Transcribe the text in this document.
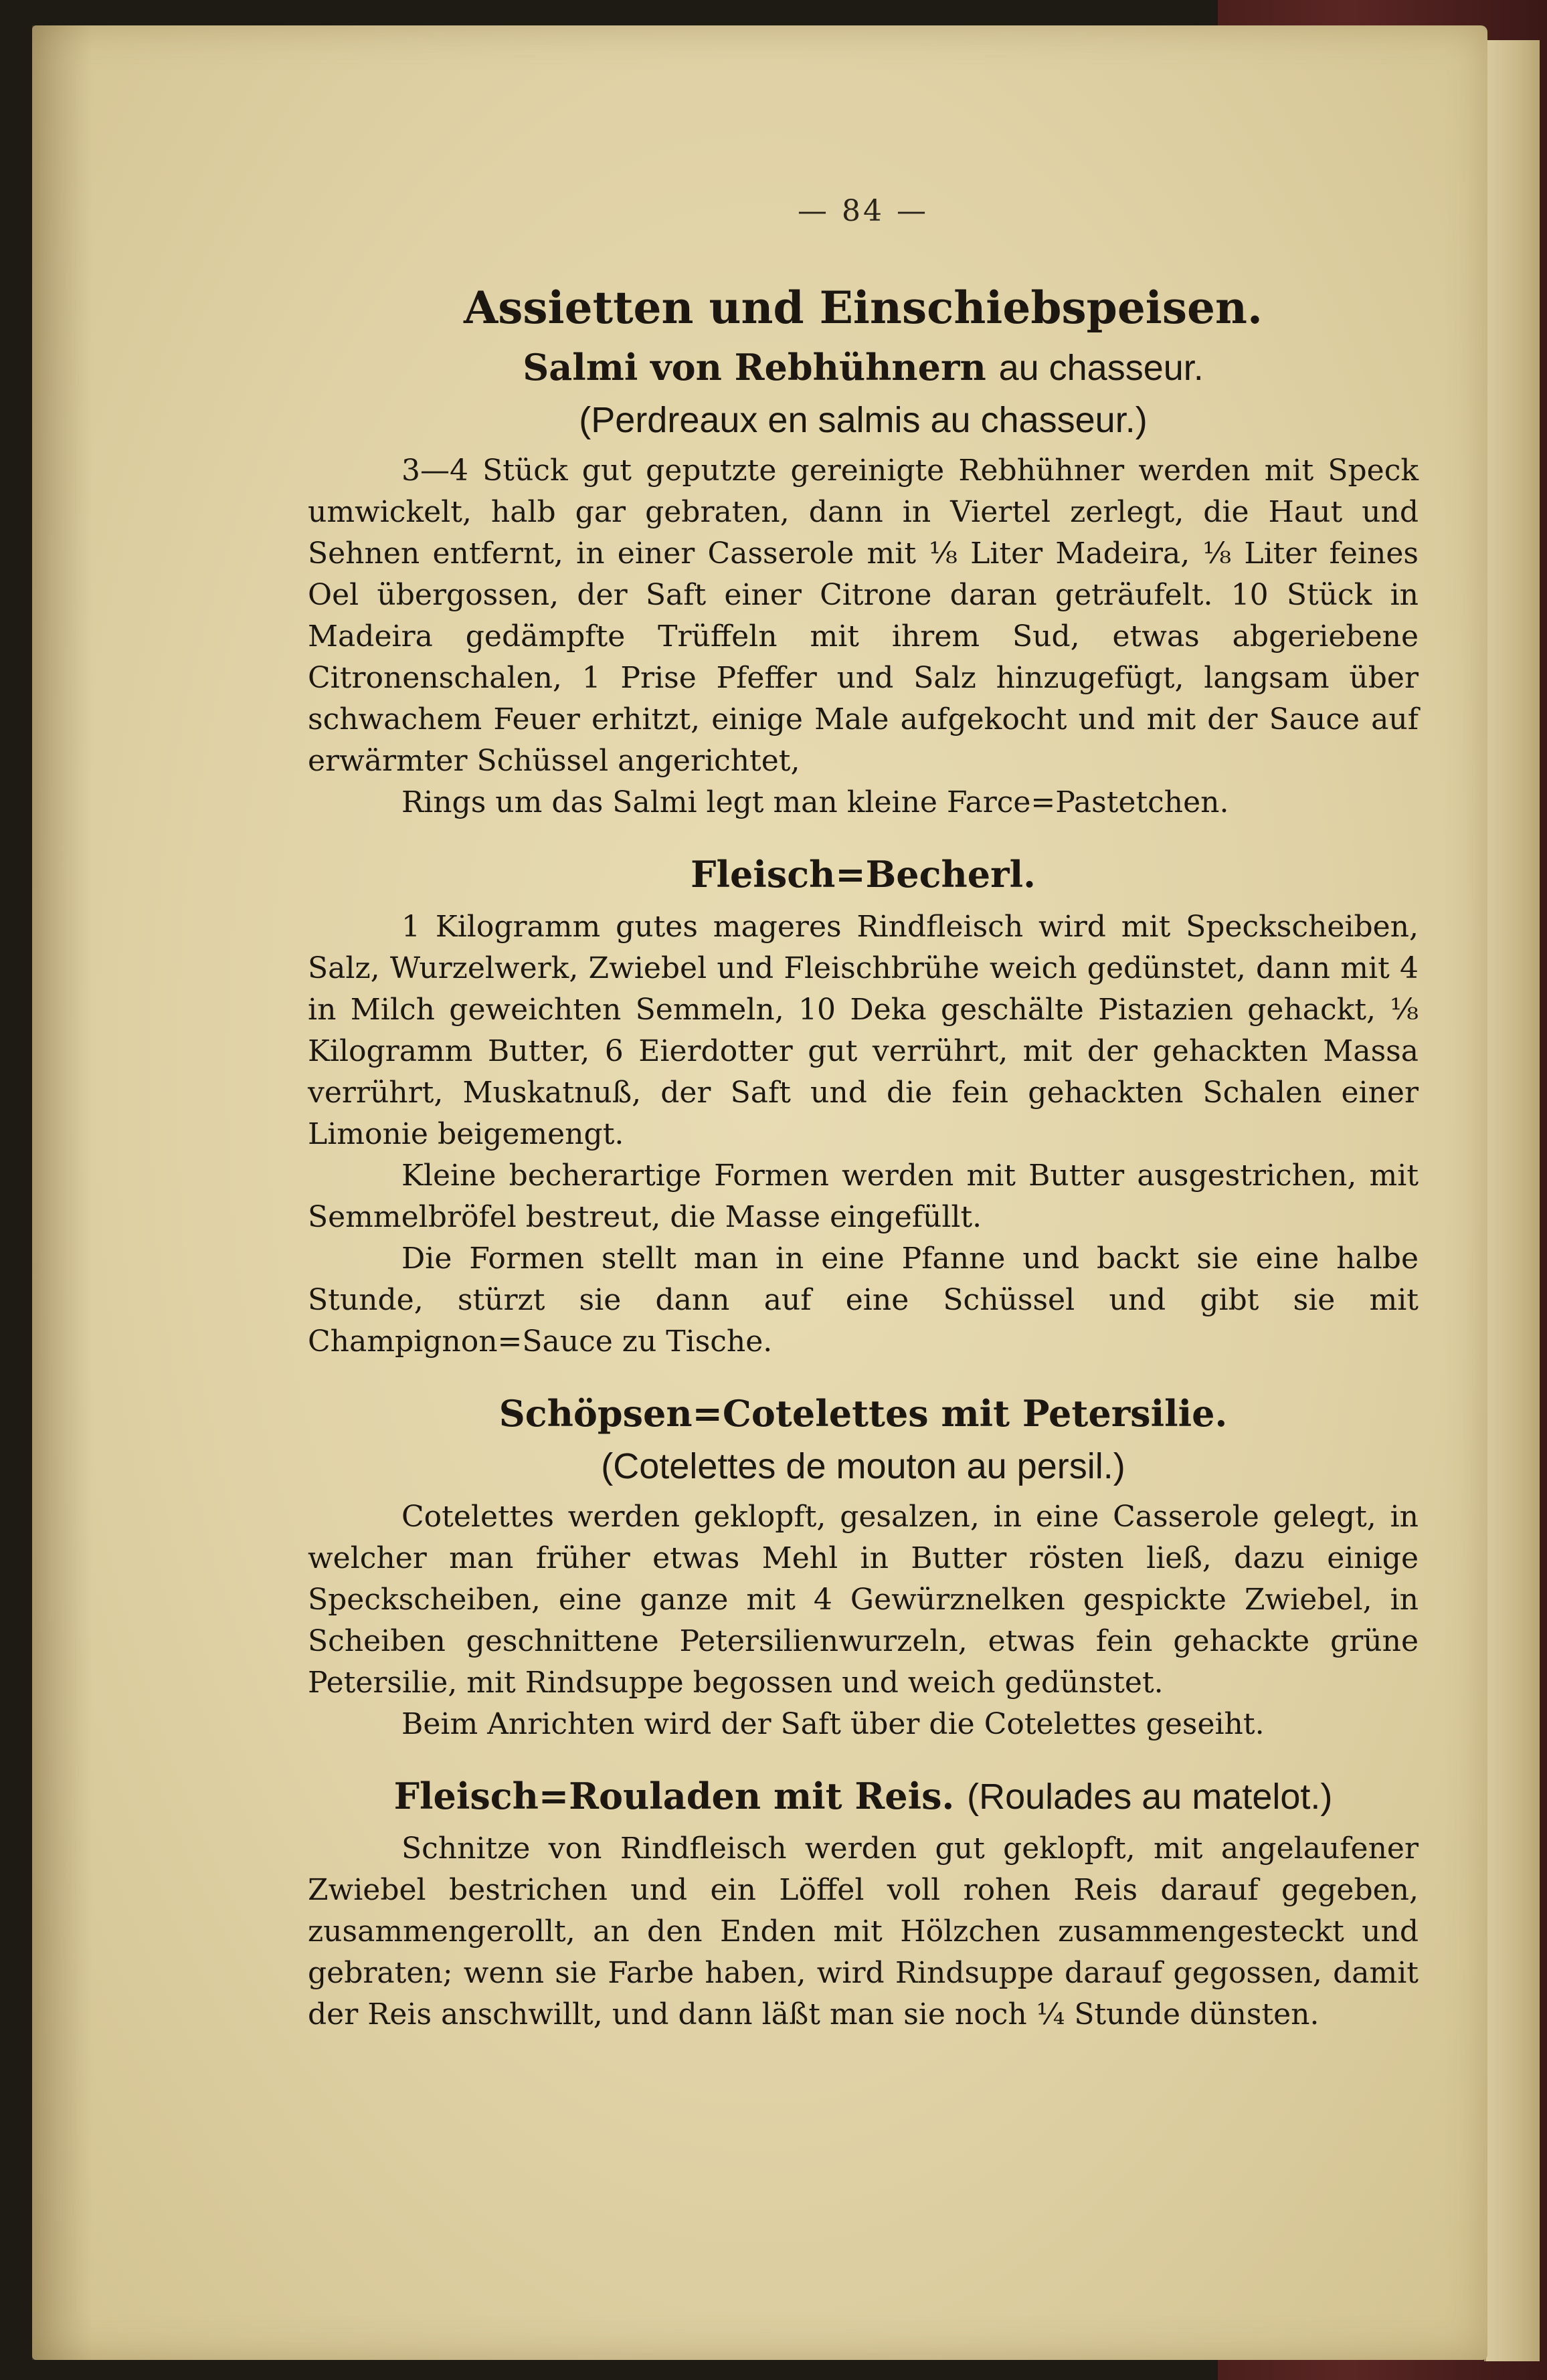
— 84 —
Assietten und Einschiebspeisen.
Salmi von Rebhühnern au chasseur.
(Perdreaux en salmis au chasseur.)

3—4 Stück gut geputzte gereinigte Rebhühner werden mit Speck umwickelt, halb gar gebraten, dann in Viertel zerlegt, die Haut und Sehnen entfernt, in einer Casserole mit ⅛ Liter Madeira, ⅛ Liter feines Oel übergossen, der Saft einer Citrone daran geträufelt. 10 Stück in Madeira gedämpfte Trüffeln mit ihrem Sud, etwas abgeriebene Citronenschalen, 1 Prise Pfeffer und Salz hinzugefügt, langsam über schwachem Feuer erhitzt, einige Male aufgekocht und mit der Sauce auf erwärmter Schüssel angerichtet,

Rings um das Salmi legt man kleine Farce=Pastetchen.

Fleisch=Becherl.

1 Kilogramm gutes mageres Rindfleisch wird mit Speckscheiben, Salz, Wurzelwerk, Zwiebel und Fleischbrühe weich gedünstet, dann mit 4 in Milch geweichten Semmeln, 10 Deka geschälte Pistazien gehackt, ⅛ Kilogramm Butter, 6 Eierdotter gut verrührt, mit der gehackten Massa verrührt, Muskatnuß, der Saft und die fein gehackten Schalen einer Limonie beigemengt.

Kleine becherartige Formen werden mit Butter ausgestrichen, mit Semmelbröfel bestreut, die Masse eingefüllt.

Die Formen stellt man in eine Pfanne und backt sie eine halbe Stunde, stürzt sie dann auf eine Schüssel und gibt sie mit Champignon=Sauce zu Tische.

Schöpsen=Cotelettes mit Petersilie.
(Cotelettes de mouton au persil.)

Cotelettes werden geklopft, gesalzen, in eine Casserole gelegt, in welcher man früher etwas Mehl in Butter rösten ließ, dazu einige Speckscheiben, eine ganze mit 4 Gewürznelken gespickte Zwiebel, in Scheiben geschnittene Petersilienwurzeln, etwas fein gehackte grüne Petersilie, mit Rindsuppe begossen und weich gedünstet.

Beim Anrichten wird der Saft über die Cotelettes geseiht.

Fleisch=Rouladen mit Reis. (Roulades au matelot.)

Schnitze von Rindfleisch werden gut geklopft, mit angelaufener Zwiebel bestrichen und ein Löffel voll rohen Reis darauf gegeben, zusammengerollt, an den Enden mit Hölzchen zusammengesteckt und gebraten; wenn sie Farbe haben, wird Rindsuppe darauf gegossen, damit der Reis anschwillt, und dann läßt man sie noch ¼ Stunde dünsten.
